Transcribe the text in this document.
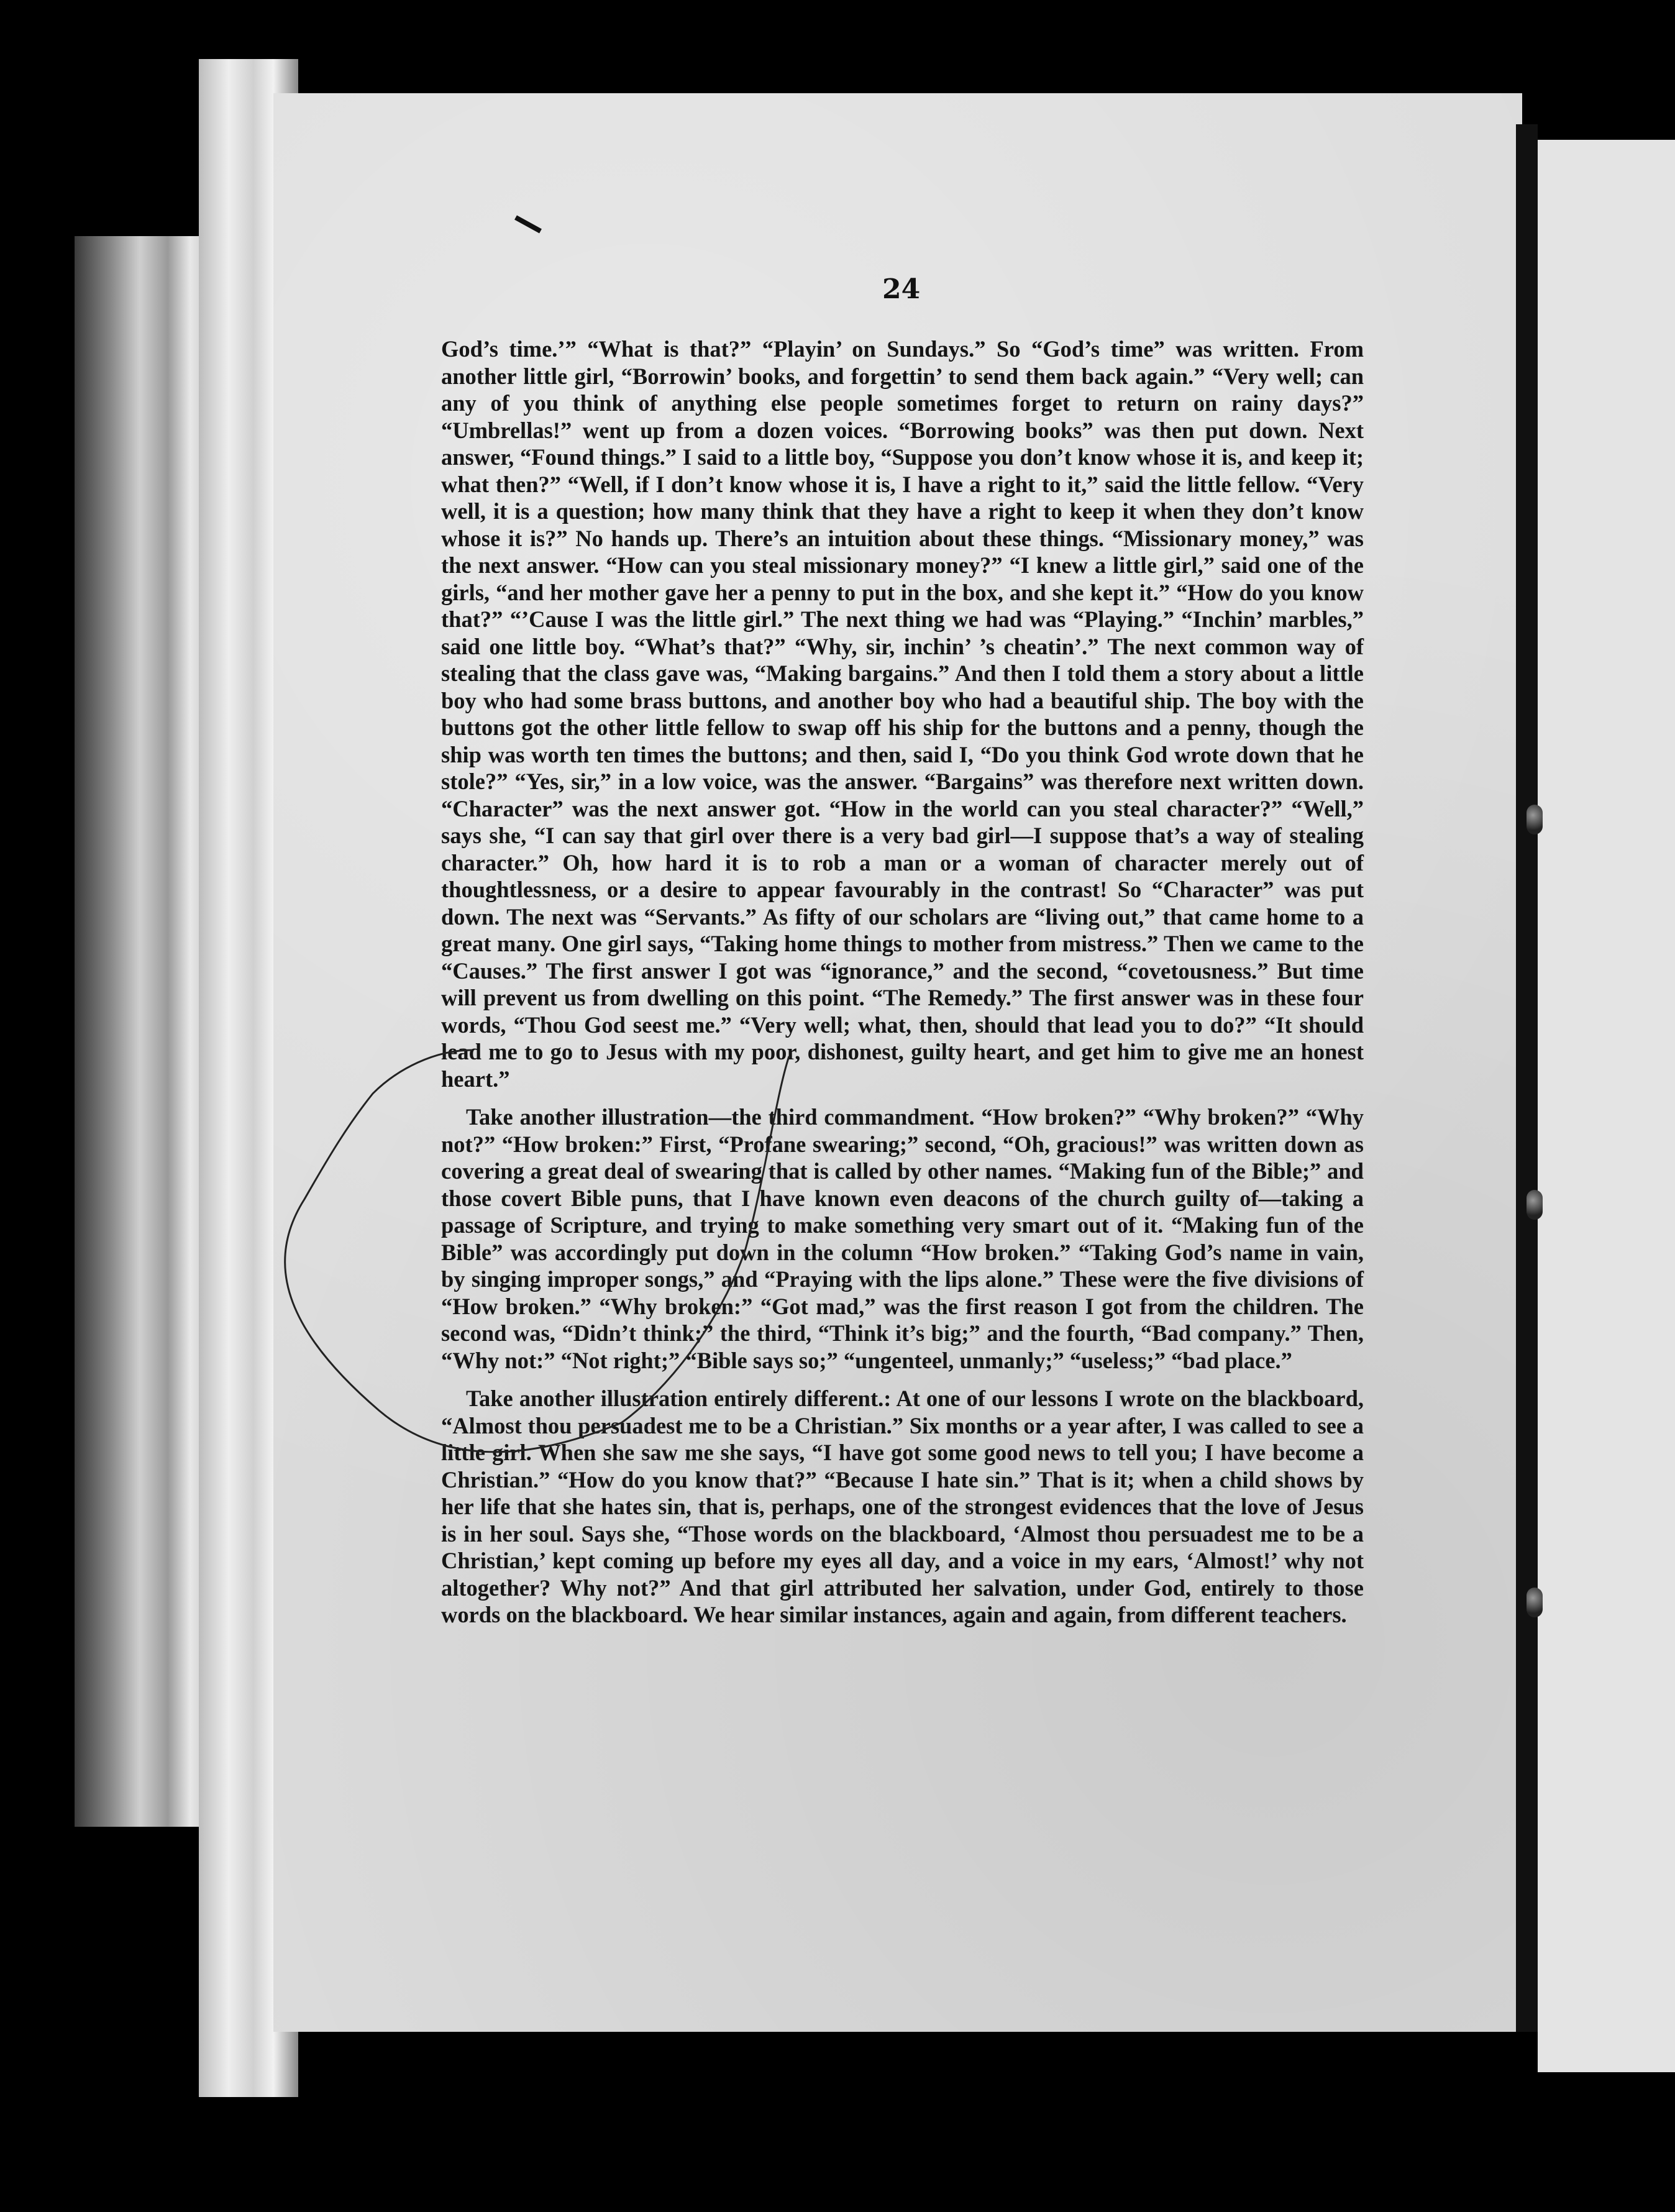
24

God’s time.’” “What is that?” “Playin’ on Sundays.” So “God’s time” was written. From another little girl, “Borrowin’ books, and forgettin’ to send them back again.” “Very well; can any of you think of anything else people sometimes forget to return on rainy days?” “Umbrellas!” went up from a dozen voices. “Borrowing books” was then put down. Next answer, “Found things.” I said to a little boy, “Suppose you don’t know whose it is, and keep it; what then?” “Well, if I don’t know whose it is, I have a right to it,” said the little fellow. “Very well, it is a question; how many think that they have a right to keep it when they don’t know whose it is?” No hands up. There’s an intuition about these things. “Missionary money,” was the next answer. “How can you steal missionary money?” “I knew a little girl,” said one of the girls, “and her mother gave her a penny to put in the box, and she kept it.” “How do you know that?” “’Cause I was the little girl.” The next thing we had was “Playing.” “Inchin’ marbles,” said one little boy. “What’s that?” “Why, sir, inchin’ ’s cheatin’.” The next common way of stealing that the class gave was, “Making bargains.” And then I told them a story about a little boy who had some brass buttons, and another boy who had a beautiful ship. The boy with the buttons got the other little fellow to swap off his ship for the buttons and a penny, though the ship was worth ten times the buttons; and then, said I, “Do you think God wrote down that he stole?” “Yes, sir,” in a low voice, was the answer. “Bargains” was therefore next written down. “Character” was the next answer got. “How in the world can you steal character?” “Well,” says she, “I can say that girl over there is a very bad girl—I suppose that’s a way of stealing character.” Oh, how hard it is to rob a man or a woman of character merely out of thoughtlessness, or a desire to appear favourably in the contrast! So “Character” was put down. The next was “Servants.” As fifty of our scholars are “living out,” that came home to a great many. One girl says, “Taking home things to mother from mistress.” Then we came to the “Causes.” The first answer I got was “ignorance,” and the second, “covetousness.” But time will prevent us from dwelling on this point. “The Remedy.” The first answer was in these four words, “Thou God seest me.” “Very well; what, then, should that lead you to do?” “It should lead me to go to Jesus with my poor, dishonest, guilty heart, and get him to give me an honest heart.”

Take another illustration—the third commandment. “How broken?” “Why broken?” “Why not?” “How broken:” First, “Profane swearing;” second, “Oh, gracious!” was written down as covering a great deal of swearing that is called by other names. “Making fun of the Bible;” and those covert Bible puns, that I have known even deacons of the church guilty of—taking a passage of Scripture, and trying to make something very smart out of it. “Making fun of the Bible” was accordingly put down in the column “How broken.” “Taking God’s name in vain, by singing improper songs,” and “Praying with the lips alone.” These were the five divisions of “How broken.” “Why broken:” “Got mad,” was the first reason I got from the children. The second was, “Didn’t think;” the third, “Think it’s big;” and the fourth, “Bad company.” Then, “Why not:” “Not right;” “Bible says so;” “ungenteel, unmanly;” “useless;” “bad place.”

Take another illustration entirely different.: At one of our lessons I wrote on the blackboard, “Almost thou persuadest me to be a Christian.” Six months or a year after, I was called to see a little girl. When she saw me she says, “I have got some good news to tell you; I have become a Christian.” “How do you know that?” “Because I hate sin.” That is it; when a child shows by her life that she hates sin, that is, perhaps, one of the strongest evidences that the love of Jesus is in her soul. Says she, “Those words on the blackboard, ‘Almost thou persuadest me to be a Christian,’ kept coming up before my eyes all day, and a voice in my ears, ‘Almost!’ why not altogether? Why not?” And that girl attributed her salvation, under God, entirely to those words on the blackboard. We hear similar instances, again and again, from different teachers.
